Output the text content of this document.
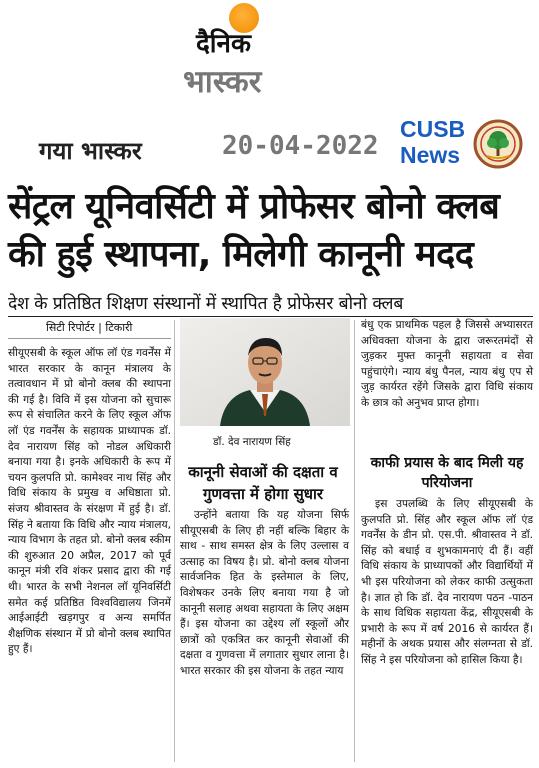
दैनिक
भास्कर
गया भास्कर	20-04-2022
CUSB
News
सेंट्रल यूनिवर्सिटी में प्रोफेसर बोनो क्लब
की हुई स्थापना, मिलेगी कानूनी मदद
देश के प्रतिष्ठित शिक्षण संस्थानों में स्थापित है प्रोफेसर बोनो क्लब
सिटी रिपोर्टर | टिकारी

सीयूएसबी के स्कूल ऑफ लॉ एंड गवर्नेंस में भारत सरकार के कानून मंत्रालय के तत्वावधान में प्रो बोनो क्लब की स्थापना की गई है। विवि में इस योजना को सुचारू रूप से संचालित करने के लिए स्कूल ऑफ लॉ एंड गवर्नेंस के सहायक प्राध्यापक डॉ. देव नारायण सिंह को नोडल अधिकारी बनाया गया है। इनके अधिकारी के रूप में चयन कुलपति प्रो. कामेश्वर नाथ सिंह और विधि संकाय के प्रमुख व अधिष्ठाता प्रो. संजय श्रीवास्तव के संरक्षण में हुई है। डॉ. सिंह ने बताया कि विधि और न्याय मंत्रालय, न्याय विभाग के तहत प्रो. बोनो क्लब स्कीम की शुरुआत 20 अप्रैल, 2017 को पूर्व कानून मंत्री रवि शंकर प्रसाद द्वारा की गई थी। भारत के सभी नेशनल लॉ यूनिवर्सिटी समेत कई प्रतिष्ठित विश्वविद्यालय जिनमें आईआईटी खड़गपुर व अन्य समर्पित शैक्षणिक संस्थान में प्रो बोनो क्लब स्थापित हुए हैं।

डॉ. देव नारायण सिंह
कानूनी सेवाओं की दक्षता व गुणवत्ता में होगा सुधार

उन्होंने बताया कि यह योजना सिर्फ सीयूएसबी के लिए ही नहीं बल्कि बिहार के साथ - साथ समस्त क्षेत्र के लिए उल्लास व उत्साह का विषय है। प्रो. बोनो क्लब योजना सार्वजनिक हित के इस्तेमाल के लिए, विशेषकर उनके लिए बनाया गया है जो कानूनी सलाह अथवा सहायता के लिए अक्षम हैं। इस योजना का उद्देश्य लॉ स्कूलों और छात्रों को एकत्रित कर कानूनी सेवाओं की दक्षता व गुणवत्ता में लगातार सुधार लाना है। भारत सरकार की इस योजना के तहत न्याय

बंधु एक प्राथमिक पहल है जिससे अभ्यासरत अधिवक्ता योजना के द्वारा जरूरतमंदों से जुड़कर मुफ्त कानूनी सहायता व सेवा पहुंचाएंगे। न्याय बंधु पैनल, न्याय बंधु एप से जुड़ कार्यरत रहेंगे जिसके द्वारा विधि संकाय के छात्र को अनुभव प्राप्त होगा।

काफी प्रयास के बाद मिली यह परियोजना

इस उपलब्धि के लिए सीयूएसबी के कुलपति प्रो. सिंह और स्कूल ऑफ लॉ एंड गवर्नेंस के डीन प्रो. एस.पी. श्रीवास्तव ने डॉ. सिंह को बधाई व शुभकामनाएं दी हैं। वहीं विधि संकाय के प्राध्यापकों और विद्यार्थियों में भी इस परियोजना को लेकर काफी उत्सुकता है। ज्ञात हो कि डॉ. देव नारायण पठन -पाठन के साथ विधिक सहायता केंद्र, सीयूएसबी के प्रभारी के रूप में वर्ष 2016 से कार्यरत हैं। महीनों के अथक प्रयास और संलग्नता से डॉ. सिंह ने इस परियोजना को हासिल किया है।
